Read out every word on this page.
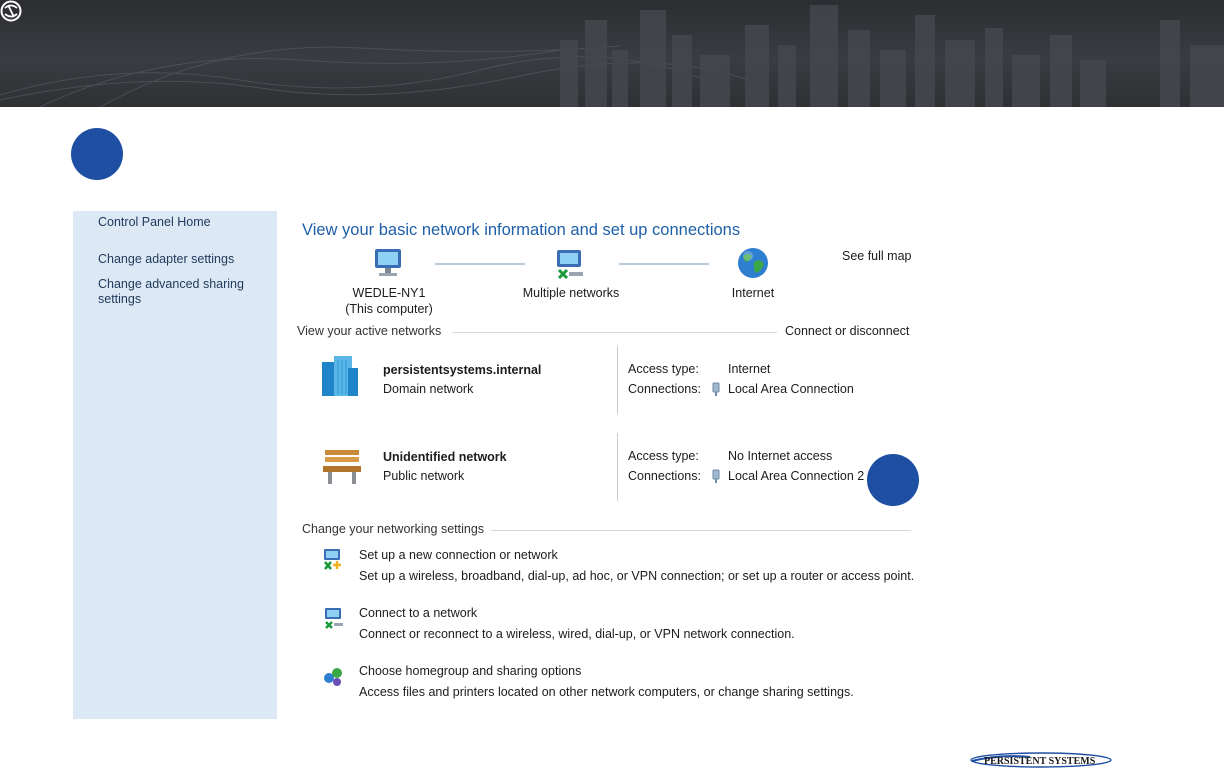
Control Panel Home
Change adapter settings
Change advanced sharing
settings
View your basic network information and set up connections
WEDLE-NY1
(This computer)
Multiple networks	Internet
See full map
View your active networks	Connect or disconnect
persistentsystems.internal
Domain network
Access type: Internet
Connections: Local Area Connection
Unidentified network
Public network
Access type: No Internet access
Connections: Local Area Connection 2
Change your networking settings
Set up a new connection or network
Set up a wireless, broadband, dial-up, ad hoc, or VPN connection; or set up a router or access point.
Connect to a network
Connect or reconnect to a wireless, wired, dial-up, or VPN network connection.
Choose homegroup and sharing options
Access files and printers located on other network computers, or change sharing settings.
PERSISTENT SYSTEMS
